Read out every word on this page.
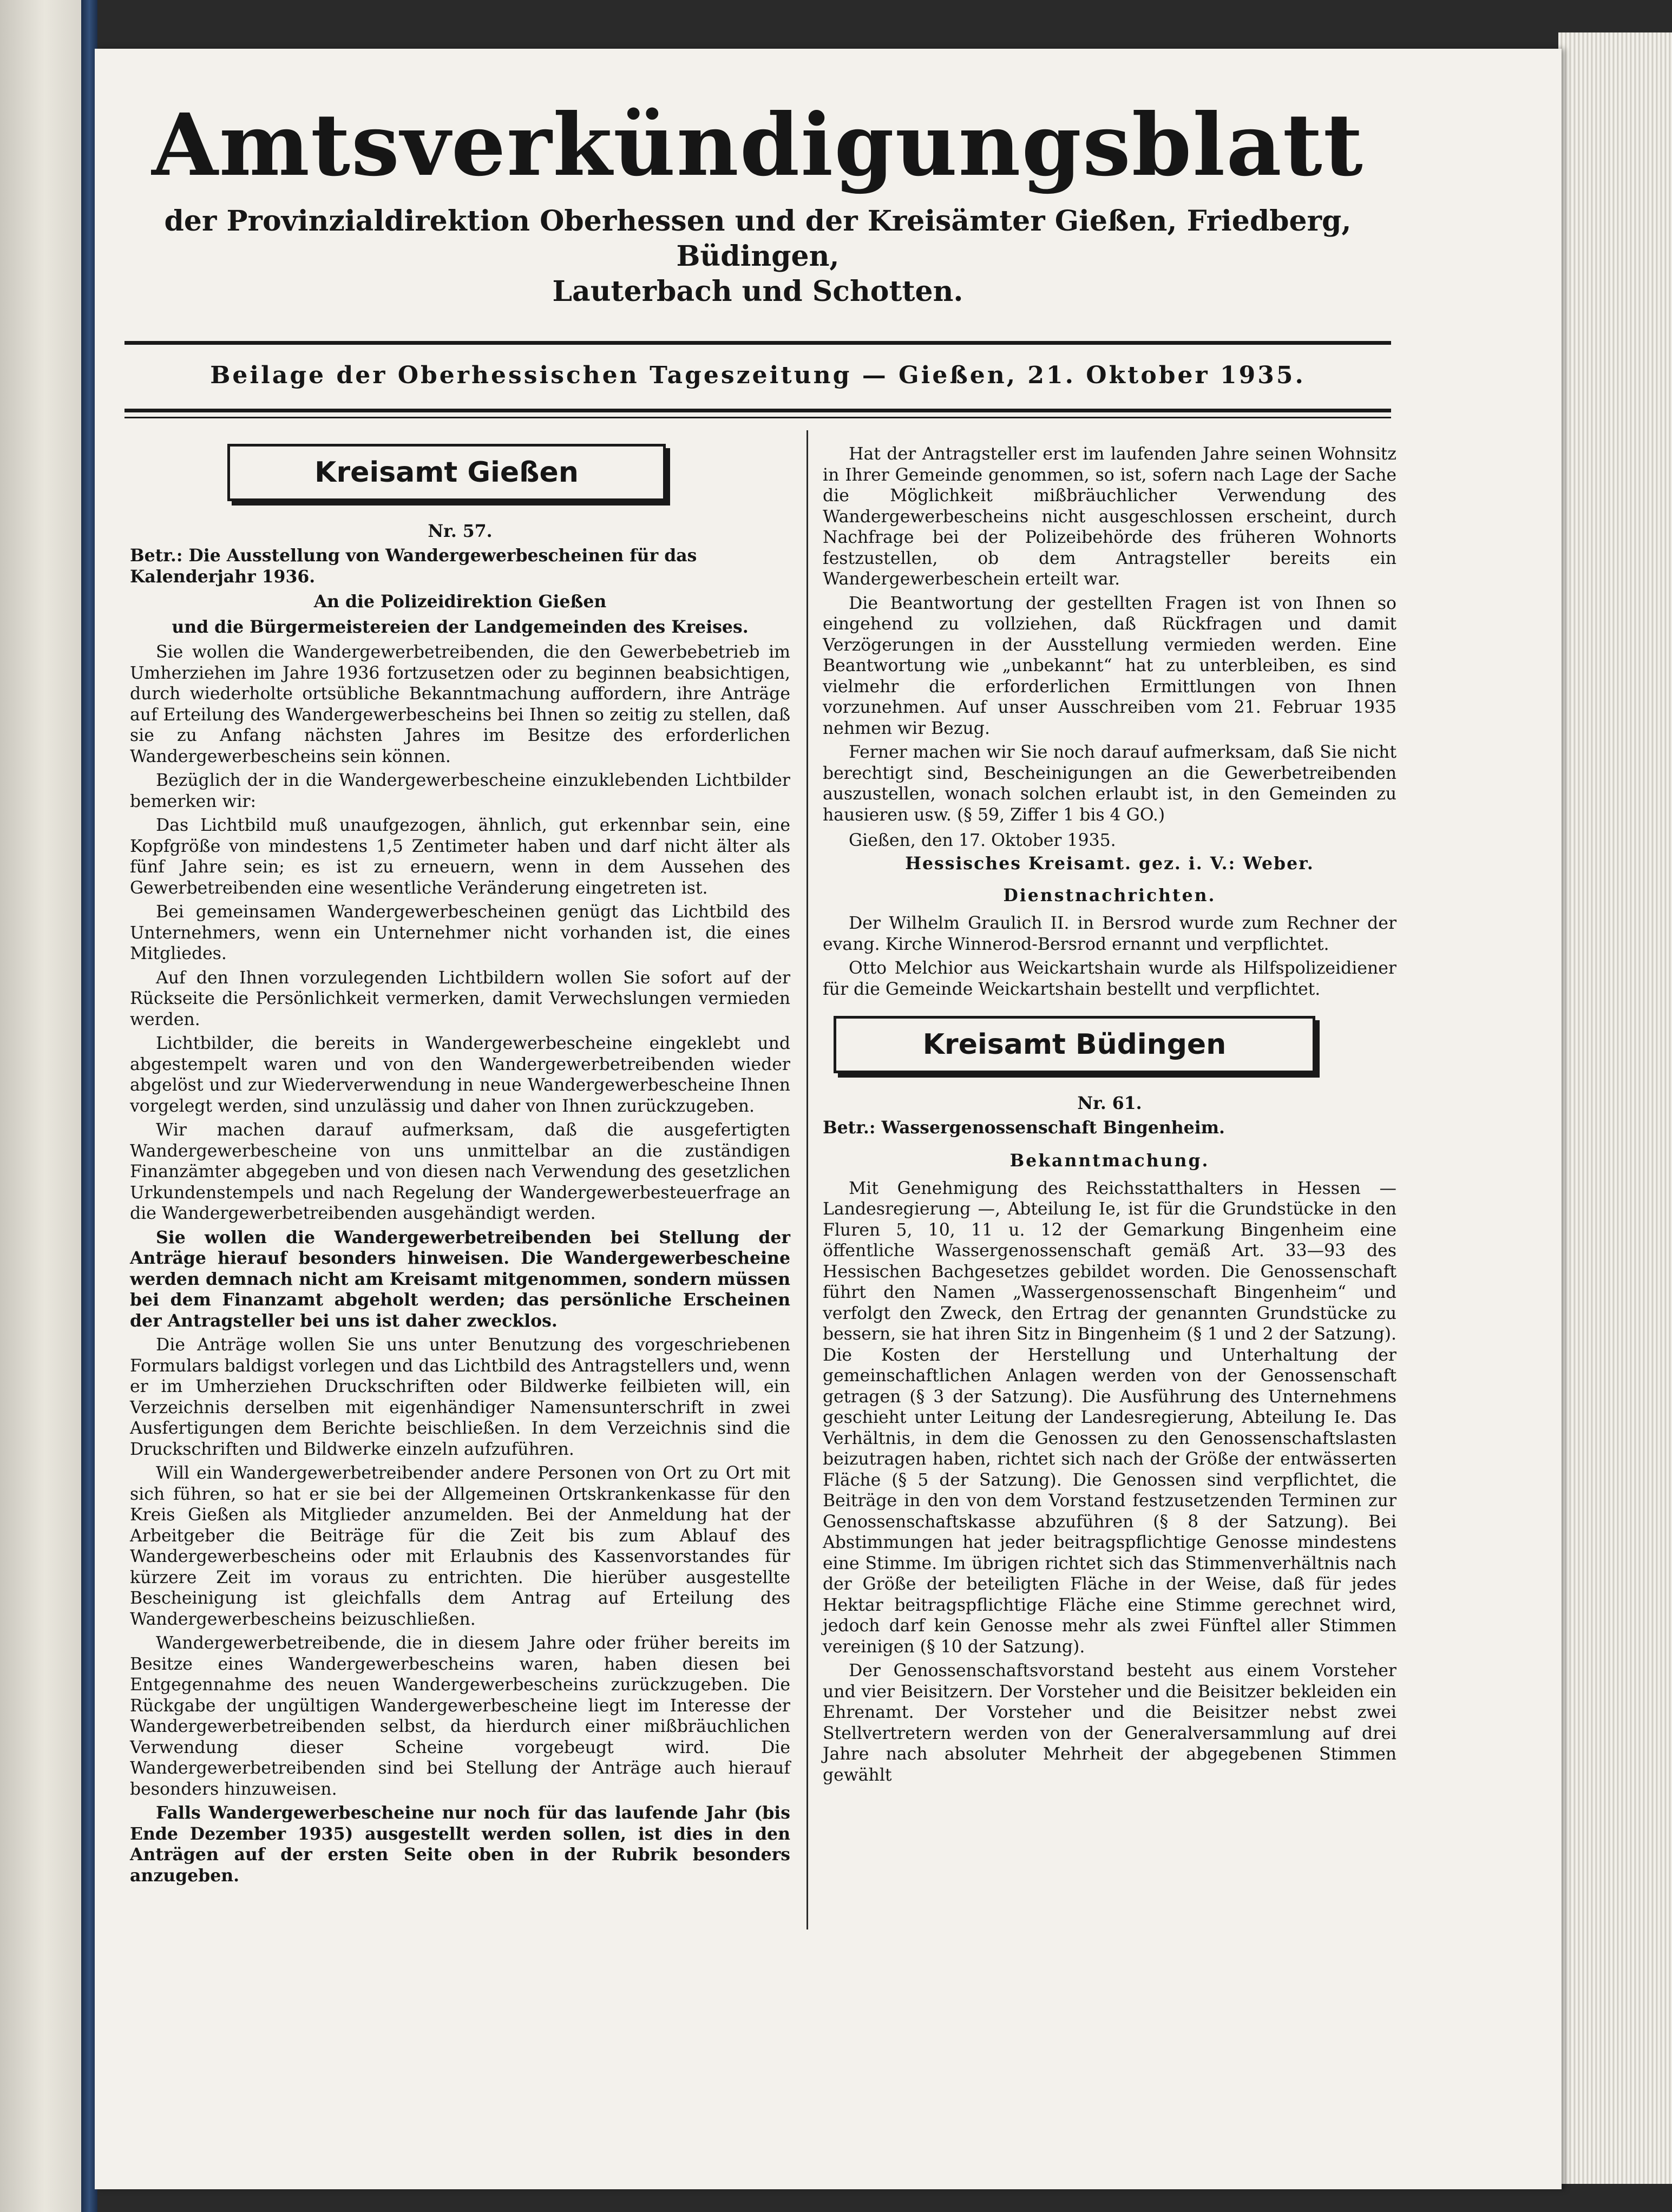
Amtsverkündigungsblatt
der Provinzialdirektion Oberhessen und der Kreisämter Gießen, Friedberg, Büdingen,
Lauterbach und Schotten.
Beilage der Oberhessischen Tageszeitung — Gießen, 21. Oktober 1935.
Kreisamt Gießen
Nr. 57.
Betr.: Die Ausstellung von Wandergewerbescheinen für das Kalenderjahr 1936.
An die Polizeidirektion Gießen
und die Bürgermeistereien der Landgemeinden des Kreises.

Sie wollen die Wandergewerbetreibenden, die den Gewerbebetrieb im Umherziehen im Jahre 1936 fortzusetzen oder zu beginnen beabsichtigen, durch wiederholte ortsübliche Bekanntmachung auffordern, ihre Anträge auf Erteilung des Wandergewerbescheins bei Ihnen so zeitig zu stellen, daß sie zu Anfang nächsten Jahres im Besitze des erforderlichen Wandergewerbescheins sein können.

Bezüglich der in die Wandergewerbescheine einzuklebenden Lichtbilder bemerken wir:

Das Lichtbild muß unaufgezogen, ähnlich, gut erkennbar sein, eine Kopfgröße von mindestens 1,5 Zentimeter haben und darf nicht älter als fünf Jahre sein; es ist zu erneuern, wenn in dem Aussehen des Gewerbetreibenden eine wesentliche Veränderung eingetreten ist.

Bei gemeinsamen Wandergewerbescheinen genügt das Lichtbild des Unternehmers, wenn ein Unternehmer nicht vorhanden ist, die eines Mitgliedes.

Auf den Ihnen vorzulegenden Lichtbildern wollen Sie sofort auf der Rückseite die Persönlichkeit vermerken, damit Verwechslungen vermieden werden.

Lichtbilder, die bereits in Wandergewerbescheine eingeklebt und abgestempelt waren und von den Wandergewerbetreibenden wieder abgelöst und zur Wiederverwendung in neue Wandergewerbescheine Ihnen vorgelegt werden, sind unzulässig und daher von Ihnen zurückzugeben.

Wir machen darauf aufmerksam, daß die ausgefertigten Wandergewerbescheine von uns unmittelbar an die zuständigen Finanzämter abgegeben und von diesen nach Verwendung des gesetzlichen Urkundenstempels und nach Regelung der Wandergewerbesteuerfrage an die Wandergewerbetreibenden ausgehändigt werden.

Sie wollen die Wandergewerbetreibenden bei Stellung der Anträge hierauf besonders hinweisen. Die Wandergewerbescheine werden demnach nicht am Kreisamt mitgenommen, sondern müssen bei dem Finanzamt abgeholt werden; das persönliche Erscheinen der Antragsteller bei uns ist daher zwecklos.

Die Anträge wollen Sie uns unter Benutzung des vorgeschriebenen Formulars baldigst vorlegen und das Lichtbild des Antragstellers und, wenn er im Umherziehen Druckschriften oder Bildwerke feilbieten will, ein Verzeichnis derselben mit eigenhändiger Namensunterschrift in zwei Ausfertigungen dem Berichte beischließen. In dem Verzeichnis sind die Druckschriften und Bildwerke einzeln aufzuführen.

Will ein Wandergewerbetreibender andere Personen von Ort zu Ort mit sich führen, so hat er sie bei der Allgemeinen Ortskrankenkasse für den Kreis Gießen als Mitglieder anzumelden. Bei der Anmeldung hat der Arbeitgeber die Beiträge für die Zeit bis zum Ablauf des Wandergewerbescheins oder mit Erlaubnis des Kassenvorstandes für kürzere Zeit im voraus zu entrichten. Die hierüber ausgestellte Bescheinigung ist gleichfalls dem Antrag auf Erteilung des Wandergewerbescheins beizuschließen.

Wandergewerbetreibende, die in diesem Jahre oder früher bereits im Besitze eines Wandergewerbescheins waren, haben diesen bei Entgegennahme des neuen Wandergewerbescheins zurückzugeben. Die Rückgabe der ungültigen Wandergewerbescheine liegt im Interesse der Wandergewerbetreibenden selbst, da hierdurch einer mißbräuchlichen Verwendung dieser Scheine vorgebeugt wird. Die Wandergewerbetreibenden sind bei Stellung der Anträge auch hierauf besonders hinzuweisen.

Falls Wandergewerbescheine nur noch für das laufende Jahr (bis Ende Dezember 1935) ausgestellt werden sollen, ist dies in den Anträgen auf der ersten Seite oben in der Rubrik besonders anzugeben.

Hat der Antragsteller erst im laufenden Jahre seinen Wohnsitz in Ihrer Gemeinde genommen, so ist, sofern nach Lage der Sache die Möglichkeit mißbräuchlicher Verwendung des Wandergewerbescheins nicht ausgeschlossen erscheint, durch Nachfrage bei der Polizeibehörde des früheren Wohnorts festzustellen, ob dem Antragsteller bereits ein Wandergewerbeschein erteilt war.

Die Beantwortung der gestellten Fragen ist von Ihnen so eingehend zu vollziehen, daß Rückfragen und damit Verzögerungen in der Ausstellung vermieden werden. Eine Beantwortung wie „unbekannt“ hat zu unterbleiben, es sind vielmehr die erforderlichen Ermittlungen von Ihnen vorzunehmen. Auf unser Ausschreiben vom 21. Februar 1935 nehmen wir Bezug.

Ferner machen wir Sie noch darauf aufmerksam, daß Sie nicht berechtigt sind, Bescheinigungen an die Gewerbetreibenden auszustellen, wonach solchen erlaubt ist, in den Gemeinden zu hausieren usw. (§ 59, Ziffer 1 bis 4 GO.)

Gießen, den 17. Oktober 1935.
Hessisches Kreisamt. gez. i. V.: Weber.
Dienstnachrichten.

Der Wilhelm Graulich II. in Bersrod wurde zum Rechner der evang. Kirche Winnerod-Bersrod ernannt und verpflichtet.

Otto Melchior aus Weickartshain wurde als Hilfspolizeidiener für die Gemeinde Weickartshain bestellt und verpflichtet.

Kreisamt Büdingen
Nr. 61.
Betr.: Wassergenossenschaft Bingenheim.
Bekanntmachung.

Mit Genehmigung des Reichsstatthalters in Hessen — Landesregierung —, Abteilung Ie, ist für die Grundstücke in den Fluren 5, 10, 11 u. 12 der Gemarkung Bingenheim eine öffentliche Wassergenossenschaft gemäß Art. 33—93 des Hessischen Bachgesetzes gebildet worden. Die Genossenschaft führt den Namen „Wassergenossenschaft Bingenheim“ und verfolgt den Zweck, den Ertrag der genannten Grundstücke zu bessern, sie hat ihren Sitz in Bingenheim (§ 1 und 2 der Satzung). Die Kosten der Herstellung und Unterhaltung der gemeinschaftlichen Anlagen werden von der Genossenschaft getragen (§ 3 der Satzung). Die Ausführung des Unternehmens geschieht unter Leitung der Landesregierung, Abteilung Ie. Das Verhältnis, in dem die Genossen zu den Genossenschaftslasten beizutragen haben, richtet sich nach der Größe der entwässerten Fläche (§ 5 der Satzung). Die Genossen sind verpflichtet, die Beiträge in den von dem Vorstand festzusetzenden Terminen zur Genossenschaftskasse abzuführen (§ 8 der Satzung). Bei Abstimmungen hat jeder beitragspflichtige Genosse mindestens eine Stimme. Im übrigen richtet sich das Stimmenverhältnis nach der Größe der beteiligten Fläche in der Weise, daß für jedes Hektar beitragspflichtige Fläche eine Stimme gerechnet wird, jedoch darf kein Genosse mehr als zwei Fünftel aller Stimmen vereinigen (§ 10 der Satzung).

Der Genossenschaftsvorstand besteht aus einem Vorsteher und vier Beisitzern. Der Vorsteher und die Beisitzer bekleiden ein Ehrenamt. Der Vorsteher und die Beisitzer nebst zwei Stellvertretern werden von der Generalversammlung auf drei Jahre nach absoluter Mehrheit der abgegebenen Stimmen gewählt
